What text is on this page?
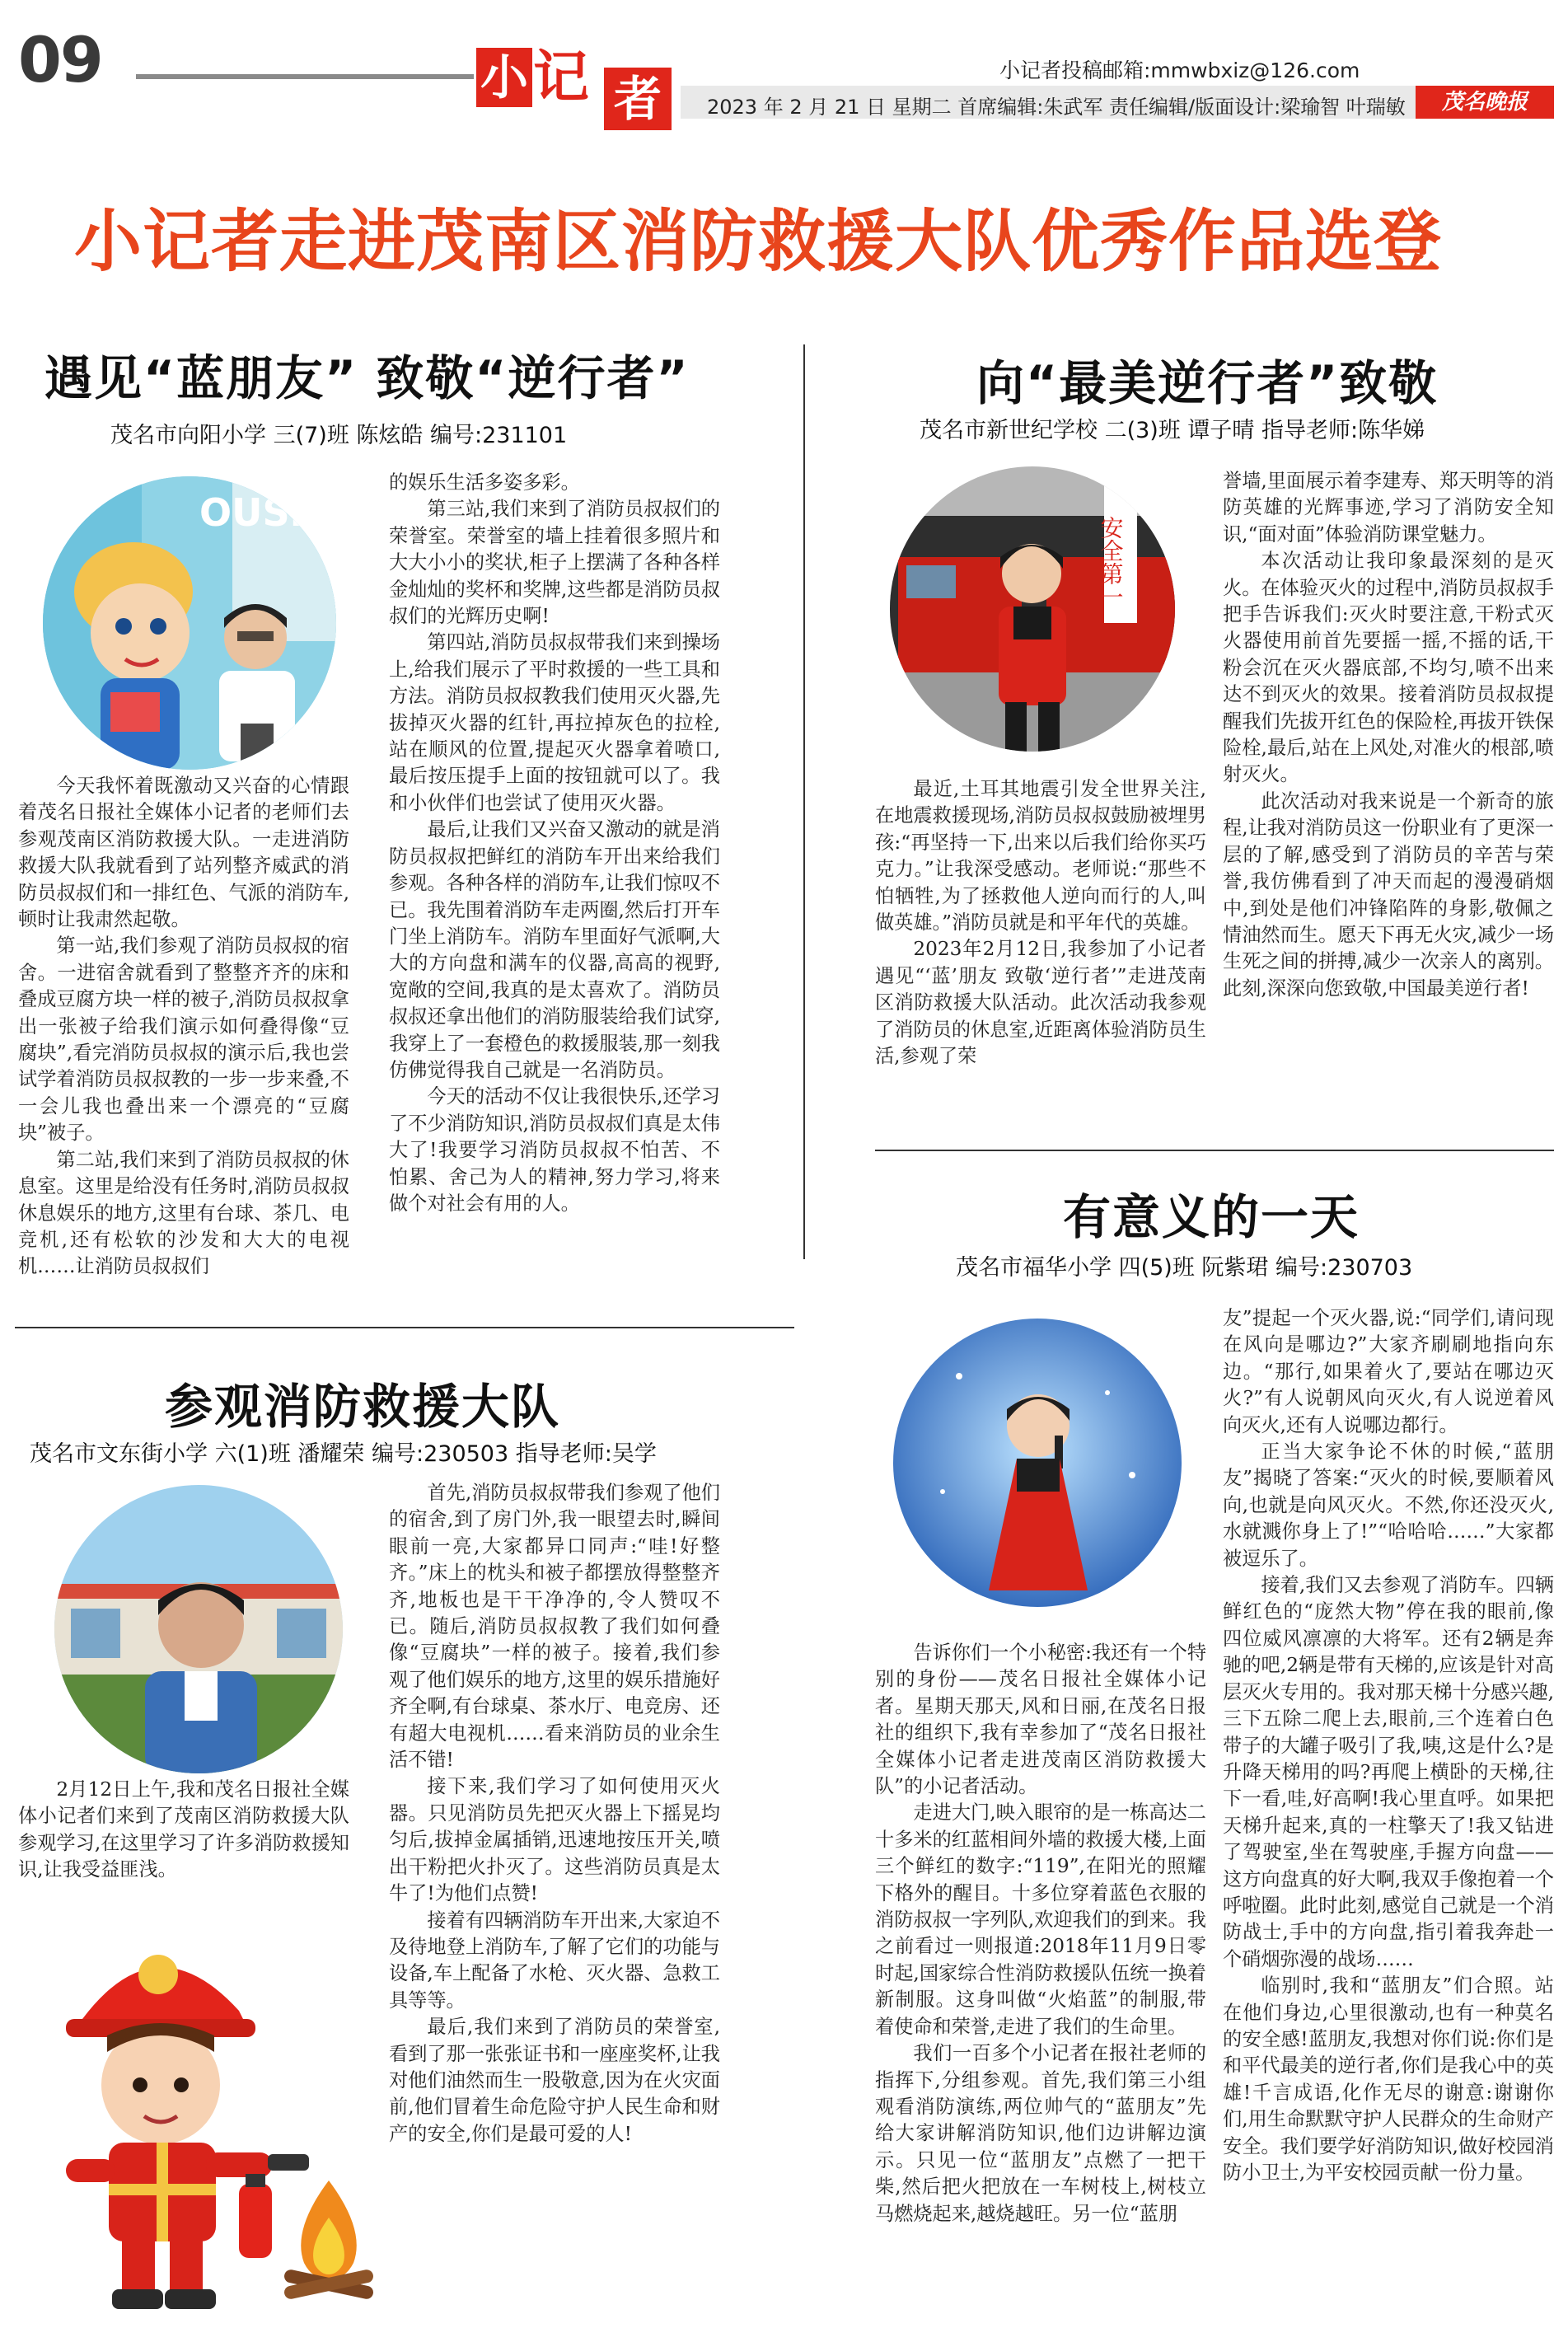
09	小 记 者
小记者投稿邮箱:mmwbxiz@126.com
2023 年 2 月 21 日 星期二 首席编辑:朱武军 责任编辑/版面设计:梁瑜智 叶瑞敏	茂名晚报
小记者走进茂南区消防救援大队优秀作品选登
遇见“蓝朋友” 致敬“逆行者”
茂名市向阳小学 三(7)班 陈炫皓 编号:231101
OUSE

今天我怀着既激动又兴奋的心情跟着茂名日报社全媒体小记者的老师们去参观茂南区消防救援大队。一走进消防救援大队我就看到了站列整齐威武的消防员叔叔们和一排红色、气派的消防车,顿时让我肃然起敬。

第一站,我们参观了消防员叔叔的宿舍。一进宿舍就看到了整整齐齐的床和叠成豆腐方块一样的被子,消防员叔叔拿出一张被子给我们演示如何叠得像“豆腐块”,看完消防员叔叔的演示后,我也尝试学着消防员叔叔教的一步一步来叠,不一会儿我也叠出来一个漂亮的“豆腐块”被子。

第二站,我们来到了消防员叔叔的休息室。这里是给没有任务时,消防员叔叔休息娱乐的地方,这里有台球、茶几、电竞机,还有松软的沙发和大大的电视机……让消防员叔叔们

的娱乐生活多姿多彩。

第三站,我们来到了消防员叔叔们的荣誉室。荣誉室的墙上挂着很多照片和大大小小的奖状,柜子上摆满了各种各样金灿灿的奖杯和奖牌,这些都是消防员叔叔们的光辉历史啊!

第四站,消防员叔叔带我们来到操场上,给我们展示了平时救援的一些工具和方法。消防员叔叔教我们使用灭火器,先拔掉灭火器的红针,再拉掉灰色的拉栓,站在顺风的位置,提起灭火器拿着喷口,最后按压提手上面的按钮就可以了。我和小伙伴们也尝试了使用灭火器。

最后,让我们又兴奋又激动的就是消防员叔叔把鲜红的消防车开出来给我们参观。各种各样的消防车,让我们惊叹不已。我先围着消防车走两圈,然后打开车门坐上消防车。消防车里面好气派啊,大大的方向盘和满车的仪器,高高的视野,宽敞的空间,我真的是太喜欢了。消防员叔叔还拿出他们的消防服装给我们试穿,我穿上了一套橙色的救援服装,那一刻我仿佛觉得我自己就是一名消防员。

今天的活动不仅让我很快乐,还学习了不少消防知识,消防员叔叔们真是太伟大了!我要学习消防员叔叔不怕苦、不怕累、舍己为人的精神,努力学习,将来做个对社会有用的人。

参观消防救援大队
茂名市文东街小学 六(1)班 潘耀荣 编号:230503 指导老师:吴学

2月12日上午,我和茂名日报社全媒体小记者们来到了茂南区消防救援大队参观学习,在这里学习了许多消防救援知识,让我受益匪浅。

首先,消防员叔叔带我们参观了他们的宿舍,到了房门外,我一眼望去时,瞬间眼前一亮,大家都异口同声:“哇!好整齐。”床上的枕头和被子都摆放得整整齐齐,地板也是干干净净的,令人赞叹不已。随后,消防员叔叔教了我们如何叠像“豆腐块”一样的被子。接着,我们参观了他们娱乐的地方,这里的娱乐措施好齐全啊,有台球桌、茶水厅、电竞房、还有超大电视机……看来消防员的业余生活不错!

接下来,我们学习了如何使用灭火器。只见消防员先把灭火器上下摇晃均匀后,拔掉金属插销,迅速地按压开关,喷出干粉把火扑灭了。这些消防员真是太牛了!为他们点赞!

接着有四辆消防车开出来,大家迫不及待地登上消防车,了解了它们的功能与设备,车上配备了水枪、灭火器、急救工具等等。

最后,我们来到了消防员的荣誉室,看到了那一张张证书和一座座奖杯,让我对他们油然而生一股敬意,因为在火灾面前,他们冒着生命危险守护人民生命和财产的安全,你们是最可爱的人!

向“最美逆行者”致敬
茂名市新世纪学校 二(3)班 谭子晴 指导老师:陈华娣
安全第一

最近,土耳其地震引发全世界关注,在地震救援现场,消防员叔叔鼓励被埋男孩:“再坚持一下,出来以后我们给你买巧克力。”让我深受感动。老师说:“那些不怕牺牲,为了拯救他人逆向而行的人,叫做英雄。”消防员就是和平年代的英雄。

2023年2月12日,我参加了小记者遇见“‘蓝’朋友 致敬‘逆行者’”走进茂南区消防救援大队活动。此次活动我参观了消防员的休息室,近距离体验消防员生活,参观了荣

誉墙,里面展示着李建寿、郑天明等的消防英雄的光辉事迹,学习了消防安全知识,“面对面”体验消防课堂魅力。

本次活动让我印象最深刻的是灭火。在体验灭火的过程中,消防员叔叔手把手告诉我们:灭火时要注意,干粉式灭火器使用前首先要摇一摇,不摇的话,干粉会沉在灭火器底部,不均匀,喷不出来达不到灭火的效果。接着消防员叔叔提醒我们先拔开红色的保险栓,再拔开铁保险栓,最后,站在上风处,对准火的根部,喷射灭火。

此次活动对我来说是一个新奇的旅程,让我对消防员这一份职业有了更深一层的了解,感受到了消防员的辛苦与荣誉,我仿佛看到了冲天而起的漫漫硝烟中,到处是他们冲锋陷阵的身影,敬佩之情油然而生。愿天下再无火灾,减少一场生死之间的拼搏,减少一次亲人的离别。此刻,深深向您致敬,中国最美逆行者!

有意义的一天
茂名市福华小学 四(5)班 阮紫珺 编号:230703

告诉你们一个小秘密:我还有一个特别的身份——茂名日报社全媒体小记者。星期天那天,风和日丽,在茂名日报社的组织下,我有幸参加了“茂名日报社全媒体小记者走进茂南区消防救援大队”的小记者活动。

走进大门,映入眼帘的是一栋高达二十多米的红蓝相间外墙的救援大楼,上面三个鲜红的数字:“119”,在阳光的照耀下格外的醒目。十多位穿着蓝色衣服的消防叔叔一字列队,欢迎我们的到来。我之前看过一则报道:2018年11月9日零时起,国家综合性消防救援队伍统一换着新制服。这身叫做“火焰蓝”的制服,带着使命和荣誉,走进了我们的生命里。

我们一百多个小记者在报社老师的指挥下,分组参观。首先,我们第三小组观看消防演练,两位帅气的“蓝朋友”先给大家讲解消防知识,他们边讲解边演示。只见一位“蓝朋友”点燃了一把干柴,然后把火把放在一车树枝上,树枝立马燃烧起来,越烧越旺。另一位“蓝朋

友”提起一个灭火器,说:“同学们,请问现在风向是哪边?”大家齐刷刷地指向东边。“那行,如果着火了,要站在哪边灭火?”有人说朝风向灭火,有人说逆着风向灭火,还有人说哪边都行。

正当大家争论不休的时候,“蓝朋友”揭晓了答案:“灭火的时候,要顺着风向,也就是向风灭火。不然,你还没灭火,水就溅你身上了!”“哈哈哈……”大家都被逗乐了。

接着,我们又去参观了消防车。四辆鲜红色的“庞然大物”停在我的眼前,像四位威风凛凛的大将军。还有2辆是奔驰的吧,2辆是带有天梯的,应该是针对高层灭火专用的。我对那天梯十分感兴趣,三下五除二爬上去,眼前,三个连着白色带子的大罐子吸引了我,咦,这是什么?是升降天梯用的吗?再爬上横卧的天梯,往下一看,哇,好高啊!我心里直呼。如果把天梯升起来,真的一柱擎天了!我又钻进了驾驶室,坐在驾驶座,手握方向盘——这方向盘真的好大啊,我双手像抱着一个呼啦圈。此时此刻,感觉自己就是一个消防战士,手中的方向盘,指引着我奔赴一个硝烟弥漫的战场……

临别时,我和“蓝朋友”们合照。站在他们身边,心里很激动,也有一种莫名的安全感!蓝朋友,我想对你们说:你们是和平代最美的逆行者,你们是我心中的英雄!千言成语,化作无尽的谢意:谢谢你们,用生命默默守护人民群众的生命财产安全。我们要学好消防知识,做好校园消防小卫士,为平安校园贡献一份力量。
